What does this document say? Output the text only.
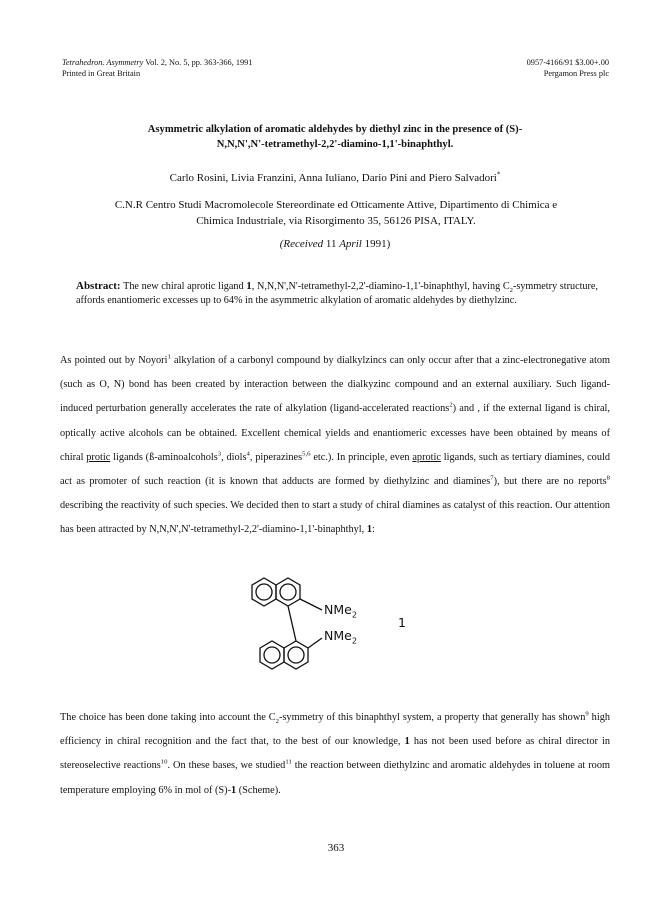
Tetrahedron. Asymmetry Vol. 2, No. 5, pp. 363-366, 1991
Printed in Great Britain
0957-4166/91 $3.00+.00
Pergamon Press plc
Asymmetric alkylation of aromatic aldehydes by diethyl zinc in the presence of (S)-
N,N,N',N'-tetramethyl-2,2'-diamino-1,1'-binaphthyl.
Carlo Rosini, Livia Franzini, Anna Iuliano, Dario Pini and Piero Salvadori*
C.N.R Centro Studi Macromolecole Stereordinate ed Otticamente Attive, Dipartimento di Chimica e
Chimica Industriale, via Risorgimento 35, 56126 PISA, ITALY.
(Received 11 April 1991)
Abstract: The new chiral aprotic ligand 1, N,N,N',N'-tetramethyl-2,2'-diamino-1,1'-binaphthyl, having $C_2$-symmetry structure, affords enantiomeric excesses up to 64% in the asymmetric alkylation of aromatic aldehydes by diethylzinc.
As pointed out by Noyori$^1$ alkylation of a carbonyl compound by dialkylzincs can only occur after that a zinc-electronegative atom (such as O, N) bond has been created by interaction between the dialkyzinc compound and an external auxiliary. Such ligand-induced perturbation generally accelerates the rate of alkylation (ligand-accelerated reactions$^2$) and , if the external ligand is chiral, optically active alcohols can be obtained. Excellent chemical yields and enantiomeric excesses have been obtained by means of chiral protic ligands (ß-aminoalcohols$^3$, diols$^4$, piperazines$^{5,6}$ etc.). In principle, even aprotic ligands, such as tertiary diamines, could act as promoter of such reaction (it is known that adducts are formed by diethylzinc and diamines$^7$), but there are no reports$^8$ describing the reactivity of such species. We decided then to start a study of chiral diamines as catalyst of this reaction. Our attention has been attracted by N,N,N',N'-tetramethyl-2,2'-diamino-1,1'-binaphthyl, 1:
NMe$_2$
NMe$_2$
1
The choice has been done taking into account the $C_2$-symmetry of this binaphthyl system, a property that generally has shown$^9$ high efficiency in chiral recognition and the fact that, to the best of our knowledge, 1 has not been used before as chiral director in stereoselective reactions$^{10}$. On these bases, we studied$^{11}$ the reaction between diethylzinc and aromatic aldehydes in toluene at room temperature employing 6% in mol of (S)-1 (Scheme).
363
